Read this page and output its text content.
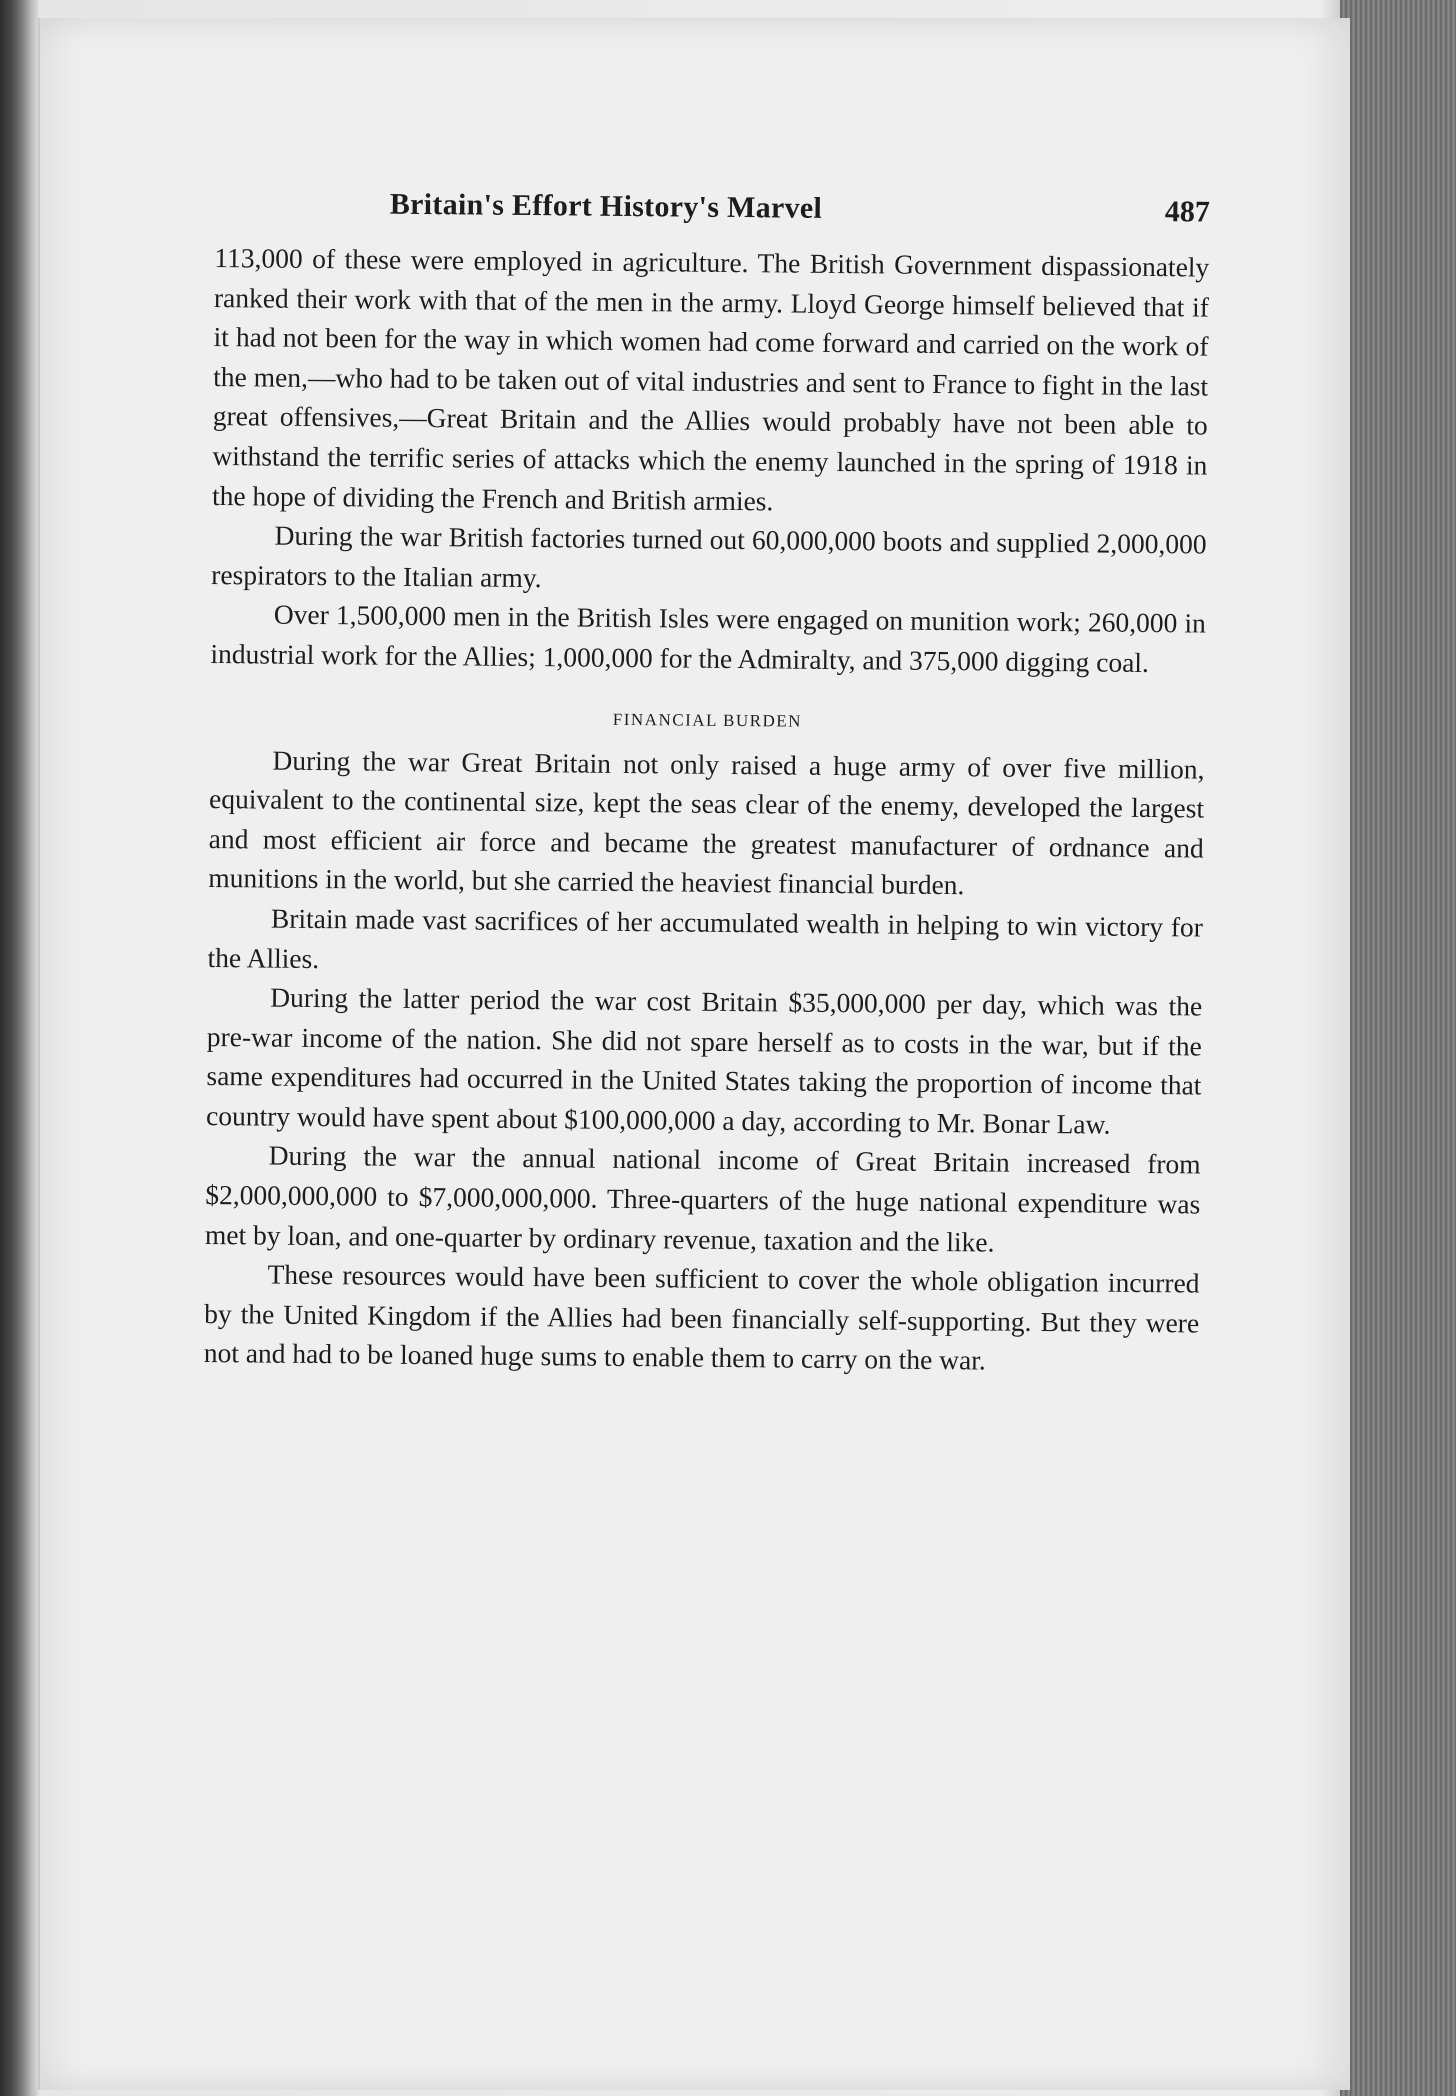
Britain's Effort History's Marvel	487

113,000 of these were employed in agriculture. The British Government dispassionately ranked their work with that of the men in the army. Lloyd George himself believed that if it had not been for the way in which women had come forward and carried on the work of the men,—who had to be taken out of vital industries and sent to France to fight in the last great offensives,—Great Britain and the Allies would probably have not been able to withstand the terrific series of attacks which the enemy launched in the spring of 1918 in the hope of dividing the French and British armies.

During the war British factories turned out 60,000,000 boots and supplied 2,000,000 respirators to the Italian army.

Over 1,500,000 men in the British Isles were engaged on munition work; 260,000 in industrial work for the Allies; 1,000,000 for the Admiralty, and 375,000 digging coal.

FINANCIAL BURDEN

During the war Great Britain not only raised a huge army of over five million, equivalent to the continental size, kept the seas clear of the enemy, developed the largest and most efficient air force and became the greatest manufacturer of ordnance and munitions in the world, but she carried the heaviest financial burden.

Britain made vast sacrifices of her accumulated wealth in helping to win victory for the Allies.

During the latter period the war cost Britain $35,000,000 per day, which was the pre-war income of the nation. She did not spare herself as to costs in the war, but if the same expenditures had occurred in the United States taking the proportion of income that country would have spent about $100,000,000 a day, according to Mr. Bonar Law.

During the war the annual national income of Great Britain increased from $2,000,000,000 to $7,000,000,000. Three-quarters of the huge national expenditure was met by loan, and one-quarter by ordinary revenue, taxation and the like.

These resources would have been sufficient to cover the whole obligation incurred by the United Kingdom if the Allies had been financially self-supporting. But they were not and had to be loaned huge sums to enable them to carry on the war.
